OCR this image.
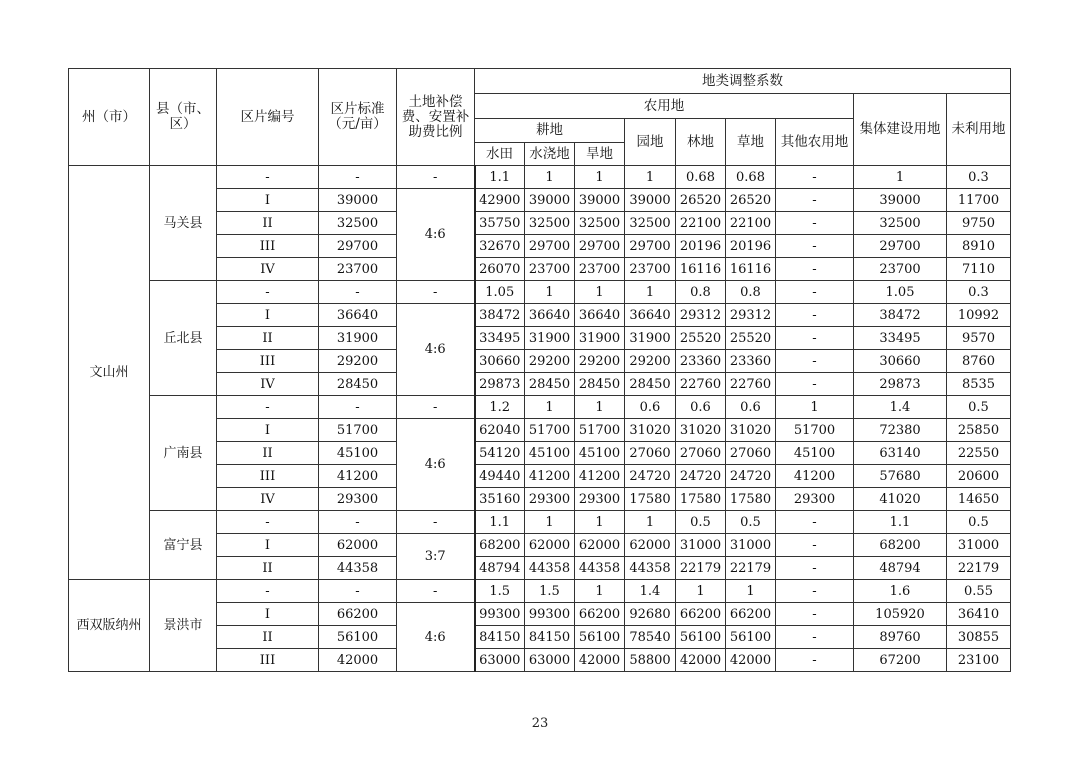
州（市）	县（市、区）	区片编号	区片标准（元/亩）	土地补偿费、安置补助费比例	地类调整系数								
					农用地							集体建设用地	未利用地
					耕地			园地	林地	草地	其他农用地		
					水田	水浇地	旱地						
文山州	马关县	-	-	-	1.1	1	1	1	0.68	0.68	-	1	0.3
		I	39000	4:6	42900	39000	39000	39000	26520	26520	-	39000	11700
		II	32500		35750	32500	32500	32500	22100	22100	-	32500	9750
		III	29700		32670	29700	29700	29700	20196	20196	-	29700	8910
		IV	23700		26070	23700	23700	23700	16116	16116	-	23700	7110
	丘北县	-	-	-	1.05	1	1	1	0.8	0.8	-	1.05	0.3
		I	36640	4:6	38472	36640	36640	36640	29312	29312	-	38472	10992
		II	31900		33495	31900	31900	31900	25520	25520	-	33495	9570
		III	29200		30660	29200	29200	29200	23360	23360	-	30660	8760
		IV	28450		29873	28450	28450	28450	22760	22760	-	29873	8535
	广南县	-	-	-	1.2	1	1	0.6	0.6	0.6	1	1.4	0.5
		I	51700	4:6	62040	51700	51700	31020	31020	31020	51700	72380	25850
		II	45100		54120	45100	45100	27060	27060	27060	45100	63140	22550
		III	41200		49440	41200	41200	24720	24720	24720	41200	57680	20600
		IV	29300		35160	29300	29300	17580	17580	17580	29300	41020	14650
	富宁县	-	-	-	1.1	1	1	1	0.5	0.5	-	1.1	0.5
		I	62000	3:7	68200	62000	62000	62000	31000	31000	-	68200	31000
		II	44358		48794	44358	44358	44358	22179	22179	-	48794	22179
西双版纳州	景洪市	-	-	-	1.5	1.5	1	1.4	1	1	-	1.6	0.55
		I	66200	4:6	99300	99300	66200	92680	66200	66200	-	105920	36410
		II	56100		84150	84150	56100	78540	56100	56100	-	89760	30855
		III	42000		63000	63000	42000	58800	42000	42000	-	67200	23100
23
